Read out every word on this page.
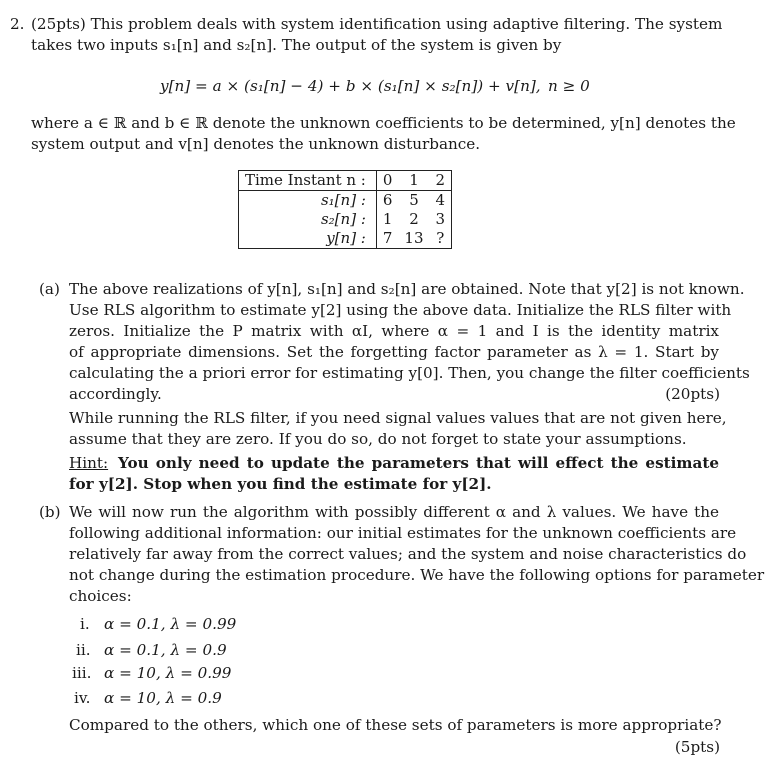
2. (25pts) This problem deals with system identification using adaptive filtering. The system
takes two inputs s₁[n] and s₂[n]. The output of the system is given by
y[n] = a × (s₁[n] − 4) + b × (s₁[n] × s₂[n]) + v[n], n ≥ 0
where a ∈ ℝ and b ∈ ℝ denote the unknown coefficients to be determined, y[n] denotes the
system output and v[n] denotes the unknown disturbance.
Time Instant n :	0	1	2
s₁[n] :	6	5	4
s₂[n] :	1	2	3
y[n] :	7	13	?
(a) The above realizations of y[n], s₁[n] and s₂[n] are obtained. Note that y[2] is not known.
Use RLS algorithm to estimate y[2] using the above data. Initialize the RLS filter with
zeros. Initialize the P matrix with αI, where α = 1 and I is the identity matrix
of appropriate dimensions. Set the forgetting factor parameter as λ = 1. Start by
calculating the a priori error for estimating y[0]. Then, you change the filter coefficients
accordingly.	(20pts)
While running the RLS filter, if you need signal values values that are not given here,
assume that they are zero. If you do so, do not forget to state your assumptions.
Hint: You only need to update the parameters that will effect the estimate
for y[2]. Stop when you find the estimate for y[2].
(b) We will now run the algorithm with possibly different α and λ values. We have the
following additional information: our initial estimates for the unknown coefficients are
relatively far away from the correct values; and the system and noise characteristics do
not change during the estimation procedure. We have the following options for parameter
choices:
i. α = 0.1, λ = 0.99
ii. α = 0.1, λ = 0.9
iii. α = 10, λ = 0.99
iv. α = 10, λ = 0.9
Compared to the others, which one of these sets of parameters is more appropriate?
(5pts)
